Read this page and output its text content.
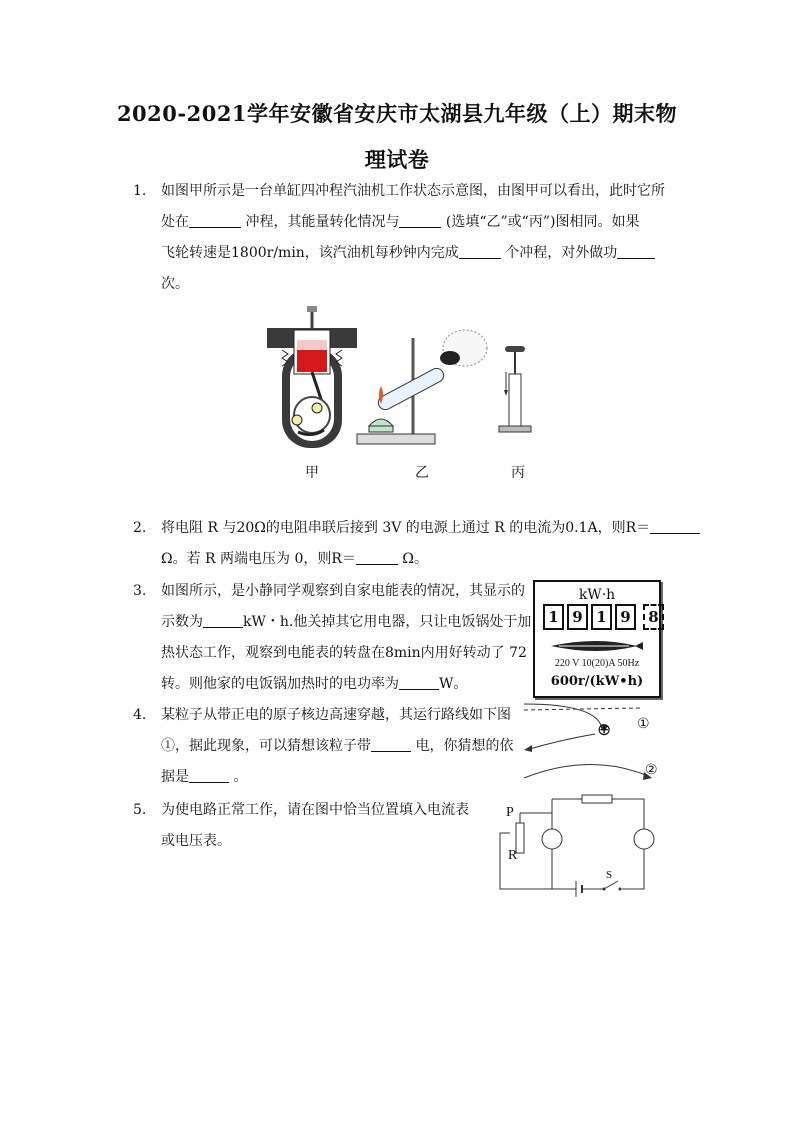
2020-2021学年安徽省安庆市太湖县九年级（上）期末物
理试卷
1. 如图甲所示是一台单缸四冲程汽油机工作状态示意图，由图甲可以看出，此时它所
处在	冲程，其能量转化情况与	(选填“乙”或“丙”)图相同。如果
飞轮转速是1800r/min，该汽油机每秒钟内完成	个冲程，对外做功
次。
2. 将电阻 R 与20Ω的电阻串联后接到 3V 的电源上通过 R 的电流为0.1A，则R＝
Ω。若 R 两端电压为 0，则R＝	Ω。
3. 如图所示，是小静同学观察到自家电能表的情况，其显示的
示数为	kW・h.他关掉其它用电器，只让电饭锅处于加
热状态工作，观察到电能表的转盘在8min内用好转动了 72
转。则他家的电饭锅加热时的电功率为	W。
4. 某粒子从带正电的原子核边高速穿越，其运行路线如下图
①，据此现象，可以猜想该粒子带	电，你猜想的依
据是	。
5. 为使电路正常工作，请在图中恰当位置填入电流表
或电压表。
甲	乙	丙
kW·h
1 9 1 9	8
220 V 10(20)A 50Hz
600r/(kW•h)
⊕ ①
②
P
R
S
